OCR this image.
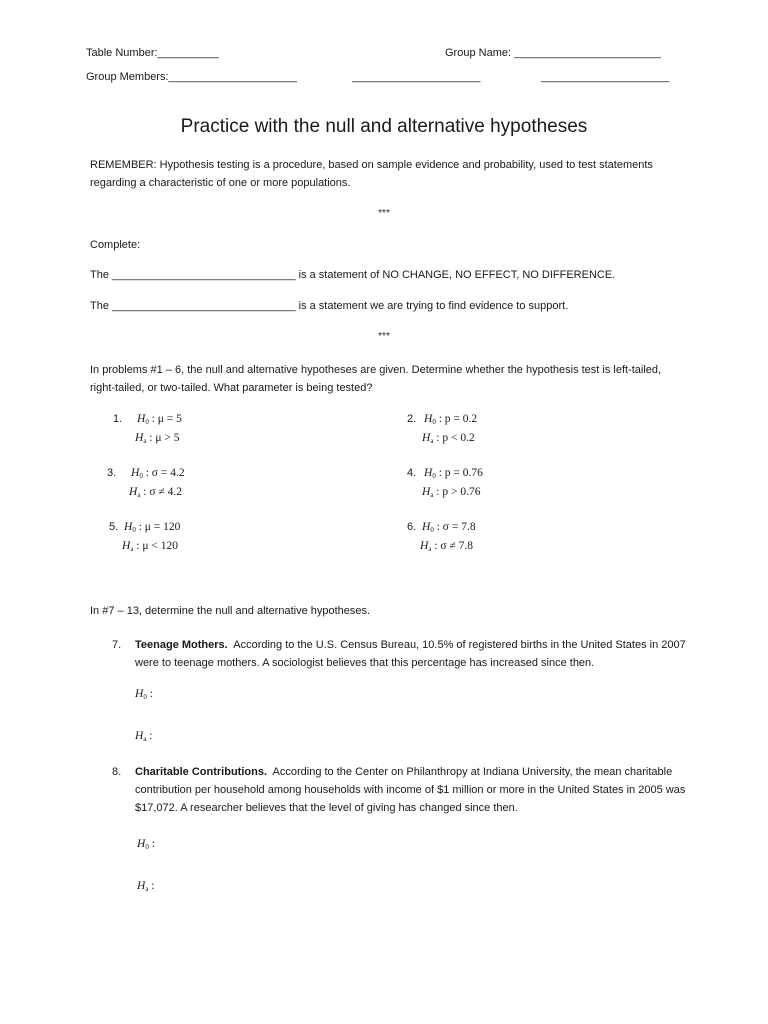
Table Number:__________	Group Name: ________________________
Group Members:_____________________	_____________________	_____________________
Practice with the null and alternative hypotheses
REMEMBER: Hypothesis testing is a procedure, based on sample evidence and probability, used to test statements regarding a characteristic of one or more populations.
***
Complete:
The ______________________________ is a statement of NO CHANGE, NO EFFECT, NO DIFFERENCE.
The ______________________________ is a statement we are trying to find evidence to support.
***
In problems #1 – 6, the null and alternative hypotheses are given. Determine whether the hypothesis test is left-tailed, right-tailed, or two-tailed. What parameter is being tested?
1. $H_0$ : μ = 5
$H_a$ : μ > 5
2. $H_0$ : p = 0.2
$H_a$ : p < 0.2
3. $H_0$ : σ = 4.2
$H_a$ : σ ≠ 4.2
4. $H_0$ : p = 0.76
$H_a$ : p > 0.76
5. $H_0$ : μ = 120
$H_a$ : μ < 120
6. $H_0$ : σ = 7.8
$H_a$ : σ ≠ 7.8
In #7 – 13, determine the null and alternative hypotheses.
7. Teenage Mothers. According to the U.S. Census Bureau, 10.5% of registered births in the United States in 2007 were to teenage mothers. A sociologist believes that this percentage has increased since then.
$H_0$ :
$H_a$ :
8. Charitable Contributions. According to the Center on Philanthropy at Indiana University, the mean charitable contribution per household among households with income of $1 million or more in the United States in 2005 was $17,072. A researcher believes that the level of giving has changed since then.
$H_0$ :
$H_a$ :
